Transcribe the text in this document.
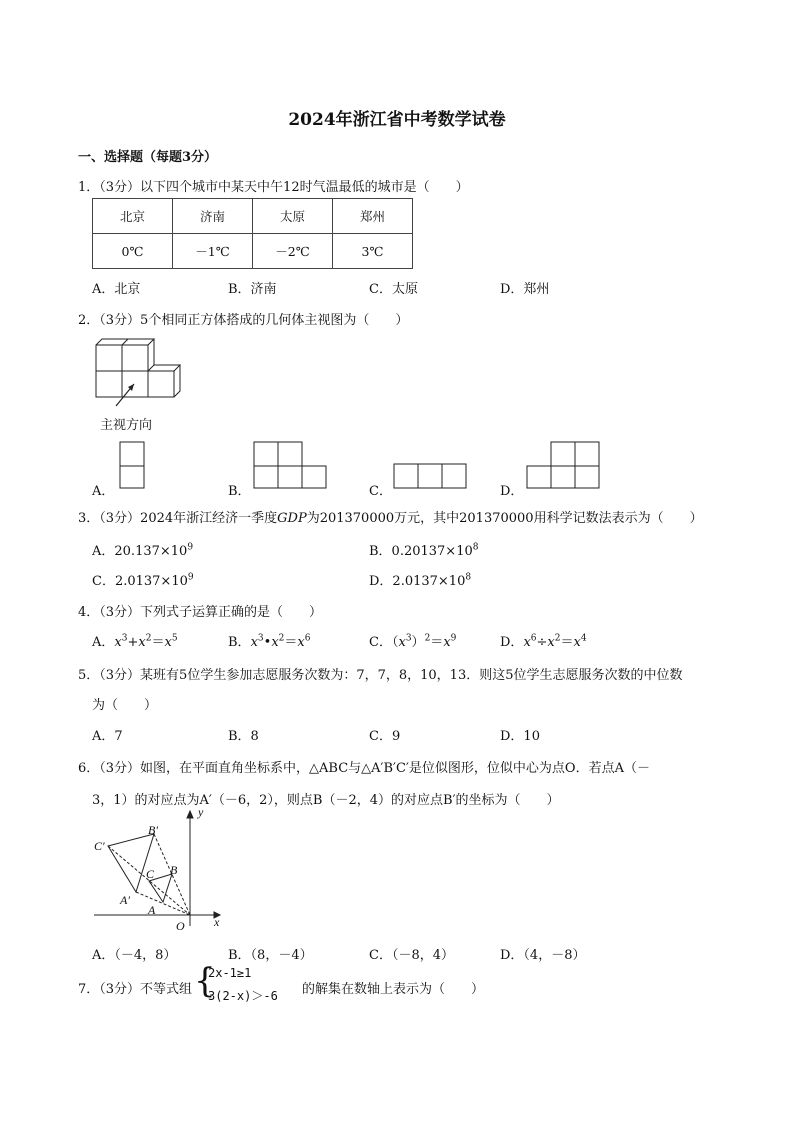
2024年浙江省中考数学试卷
一、选择题（每题3分）
1．（3分）以下四个城市中某天中午12时气温最低的城市是（　　）
北京	济南	太原	郑州
0℃	－1℃	－2℃	3℃
A．北京	B．济南	C．太原	D．郑州
2．（3分）5个相同正方体搭成的几何体主视图为（　　）
主视方向
A．	B．	C．	D．
3．（3分）2024年浙江经济一季度GDP为201370000万元，其中201370000用科学记数法表示为（　　）
A．$20.137\times 10^9$	B．$0.20137\times 10^8$
C．$2.0137\times 10^9$	D．$2.0137\times 10^8$
4．（3分）下列式子运算正确的是（　　）
A．$x^3+x^2=x^5$	B．$x^3•x^2=x^6$	C．$(x^3)^2=x^9$	D．$x^6\div x^2=x^4$
5．（3分）某班有5位学生参加志愿服务次数为：7，7，8，10，13．则这5位学生志愿服务次数的中位数
为（　　）
A．7	B．8	C．9	D．10
6．（3分）如图，在平面直角坐标系中，△ABC与△A′B′C′是位似图形，位似中心为点O．若点A（－
3，1）的对应点为A′（－6，2），则点B（－2，4）的对应点B′的坐标为（　　）
y
x
O
A
B
C
A′
B′
C′
A．（－4，8）	B．（8，－4）	C．（－8，4）	D．（4，－8）
7．（3分）不等式组 {
2x-1≥1
3(2-x)＞-6 的解集在数轴上表示为（　　）
